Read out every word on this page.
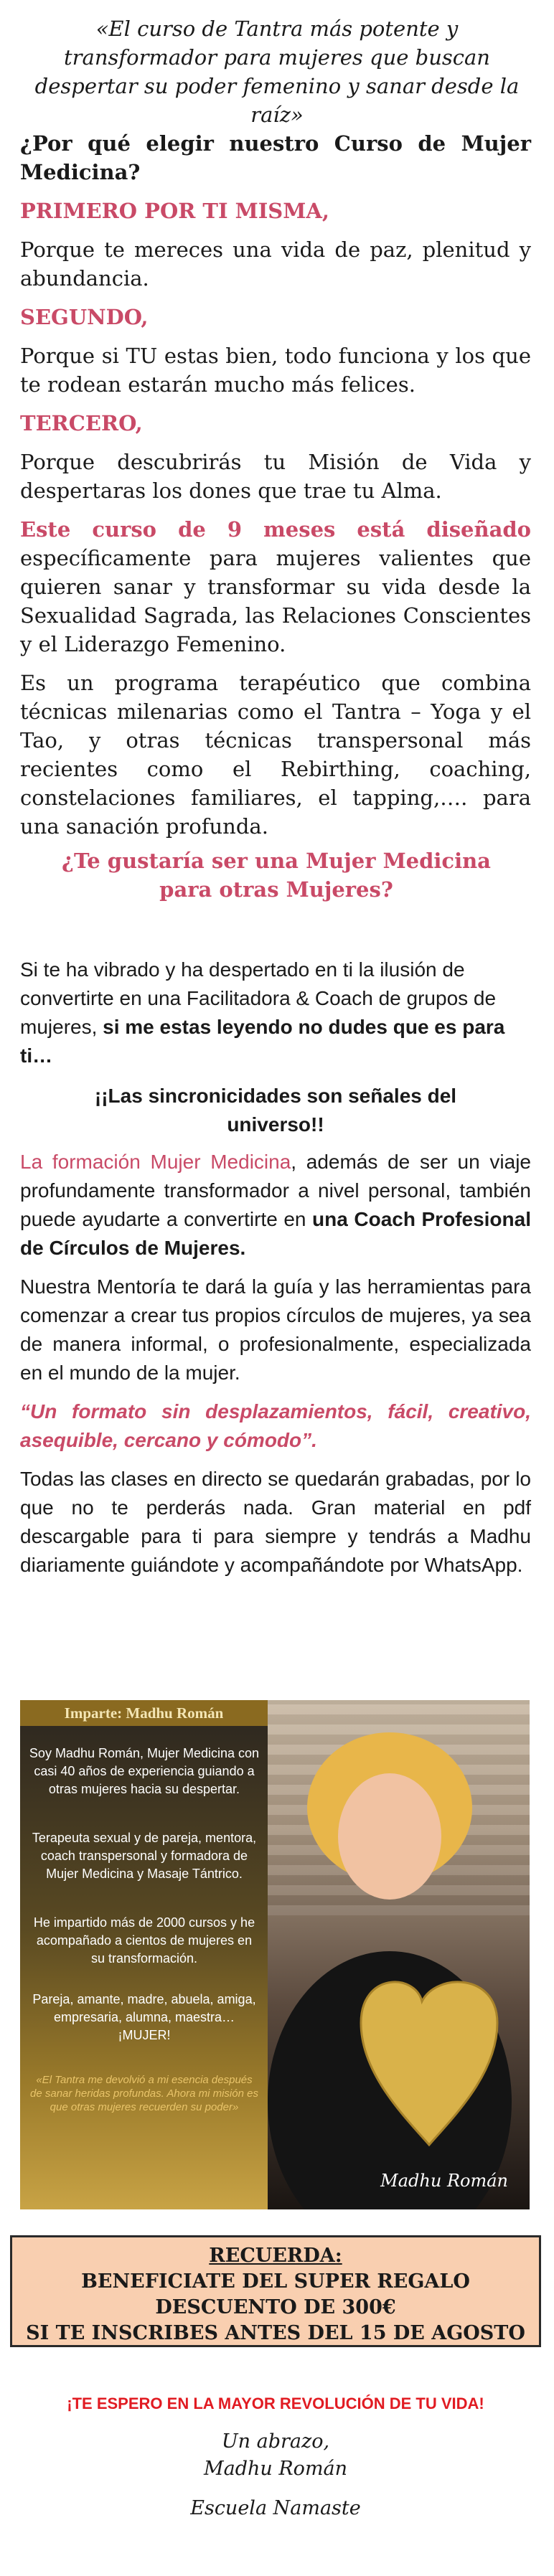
«El curso de Tantra más potente y transformador para mujeres que buscan despertar su poder femenino y sanar desde la raíz»

¿Por qué elegir nuestro Curso de Mujer Medicina?

PRIMERO POR TI MISMA,

Porque te mereces una vida de paz, plenitud y abundancia.

SEGUNDO,

Porque si TU estas bien, todo funciona y los que te rodean estarán mucho más felices.

TERCERO,

Porque descubrirás tu Misión de Vida y despertaras los dones que trae tu Alma.

Este curso de 9 meses está diseñado específicamente para mujeres valientes que quieren sanar y transformar su vida desde la Sexualidad Sagrada, las Relaciones Conscientes y el Liderazgo Femenino.

Es un programa terapéutico que combina técnicas milenarias como el Tantra – Yoga y el Tao, y otras técnicas transpersonal más recientes como el Rebirthing, coaching, constelaciones familiares, el tapping,…. para una sanación profunda.

¿Te gustaría ser una Mujer Medicina para otras Mujeres?

Si te ha vibrado y ha despertado en ti la ilusión de convertirte en una Facilitadora & Coach de grupos de mujeres, si me estas leyendo no dudes que es para ti…

¡¡Las sincronicidades son señales del universo!!

La formación Mujer Medicina, además de ser un viaje profundamente transformador a nivel personal, también puede ayudarte a convertirte en una Coach Profesional de Círculos de Mujeres.

Nuestra Mentoría te dará la guía y las herramientas para comenzar a crear tus propios círculos de mujeres, ya sea de manera informal, o profesionalmente, especializada en el mundo de la mujer.

“Un formato sin desplazamientos, fácil, creativo, asequible, cercano y cómodo”.

Todas las clases en directo se quedarán grabadas, por lo que no te perderás nada. Gran material en pdf descargable para ti para siempre y tendrás a Madhu diariamente guiándote y acompañándote por WhatsApp.

Madhu Román
Imparte: Madhu Román
Soy Madhu Román, Mujer Medicina con casi 40 años de experiencia guiando a otras mujeres hacia su despertar.
Terapeuta sexual y de pareja, mentora, coach transpersonal y formadora de Mujer Medicina y Masaje Tántrico.
He impartido más de 2000 cursos y he acompañado a cientos de mujeres en su transformación.
Pareja, amante, madre, abuela, amiga, empresaria, alumna, maestra… ¡MUJER!
«El Tantra me devolvió a mi esencia después de sanar heridas profundas. Ahora mi misión es que otras mujeres recuerden su poder»
RECUERDA:
BENEFICIATE DEL SUPER REGALO
DESCUENTO DE 300€
SI TE INSCRIBES ANTES DEL 15 DE AGOSTO
¡TE ESPERO EN LA MAYOR REVOLUCIÓN DE TU VIDA!
Un abrazo,
Madhu Román
Escuela Namaste
